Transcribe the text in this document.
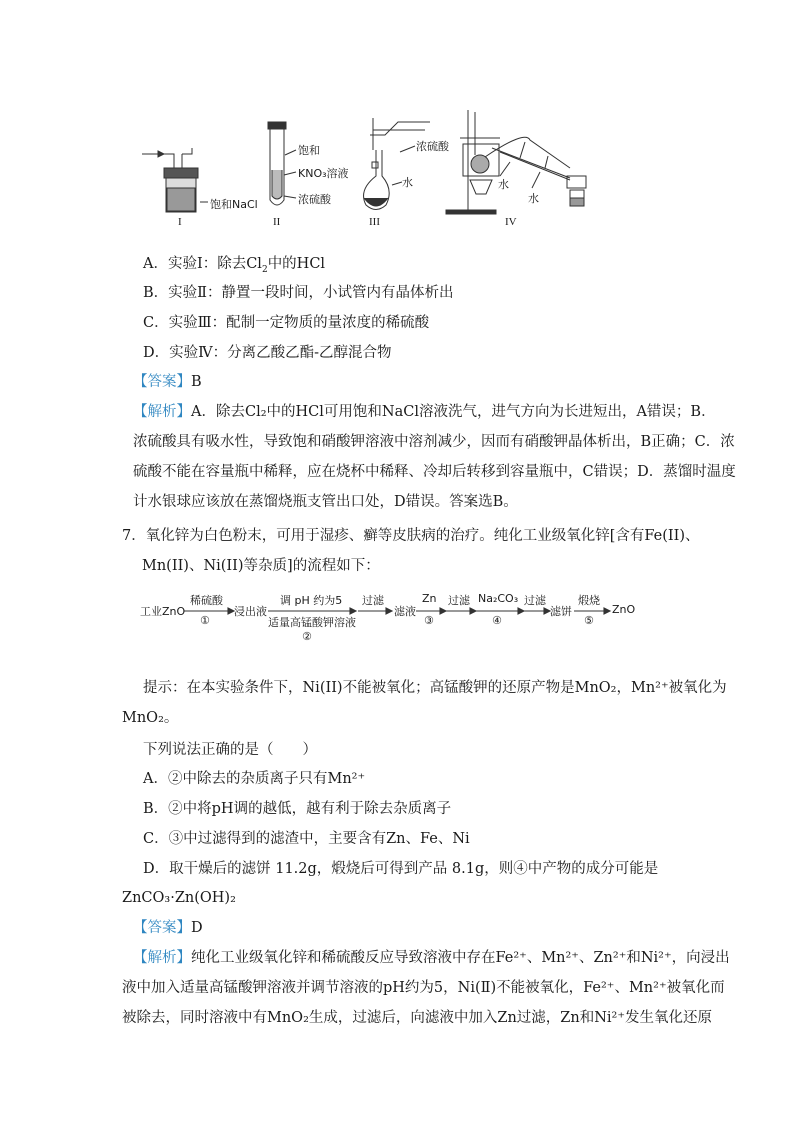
饱和NaCl
饱和
KNO₃溶液
浓硫酸
浓硫酸
水	水
水
I	II	III	IV
A．实验Ⅰ：除去$Cl_2$中的HCl
B．实验Ⅱ：静置一段时间，小试管内有晶体析出
C．实验Ⅲ：配制一定物质的量浓度的稀硫酸
D．实验Ⅳ：分离乙酸乙酯-乙醇混合物
【答案】B
【解析】A．除去Cl₂中的HCl可用饱和NaCl溶液洗气，进气方向为长进短出，A错误；B．
浓硫酸具有吸水性，导致饱和硝酸钾溶液中溶剂减少，因而有硝酸钾晶体析出，B正确；C．浓
硫酸不能在容量瓶中稀释，应在烧杯中稀释、冷却后转移到容量瓶中，C错误；D．蒸馏时温度
计水银球应该放在蒸馏烧瓶支管出口处，D错误。答案选B。
7．氧化锌为白色粉末，可用于湿疹、癣等皮肤病的治疗。纯化工业级氧化锌[含有Fe(II)、
Mn(II)、Ni(II)等杂质]的流程如下：
工业ZnO
稀硫酸
①
浸出液
调 pH 约为5
适量高锰酸钾溶液
②
过滤
滤液
Zn
③
过滤 Na₂CO₃
④
过滤
滤饼
煅烧
⑤
ZnO
提示：在本实验条件下，Ni(II)不能被氧化；高锰酸钾的还原产物是MnO₂，Mn²⁺被氧化为
MnO₂。
下列说法正确的是（　　）
A．②中除去的杂质离子只有Mn²⁺
B．②中将pH调的越低，越有利于除去杂质离子
C．③中过滤得到的滤渣中，主要含有Zn、Fe、Ni
D．取干燥后的滤饼 11.2g，煅烧后可得到产品 8.1g，则④中产物的成分可能是
ZnCO₃·Zn(OH)₂
【答案】D
【解析】纯化工业级氧化锌和稀硫酸反应导致溶液中存在Fe²⁺、Mn²⁺、Zn²⁺和Ni²⁺，向浸出
液中加入适量高锰酸钾溶液并调节溶液的pH约为5，Ni(Ⅱ)不能被氧化，Fe²⁺、Mn²⁺被氧化而
被除去，同时溶液中有MnO₂生成，过滤后，向滤液中加入Zn过滤，Zn和Ni²⁺发生氧化还原
